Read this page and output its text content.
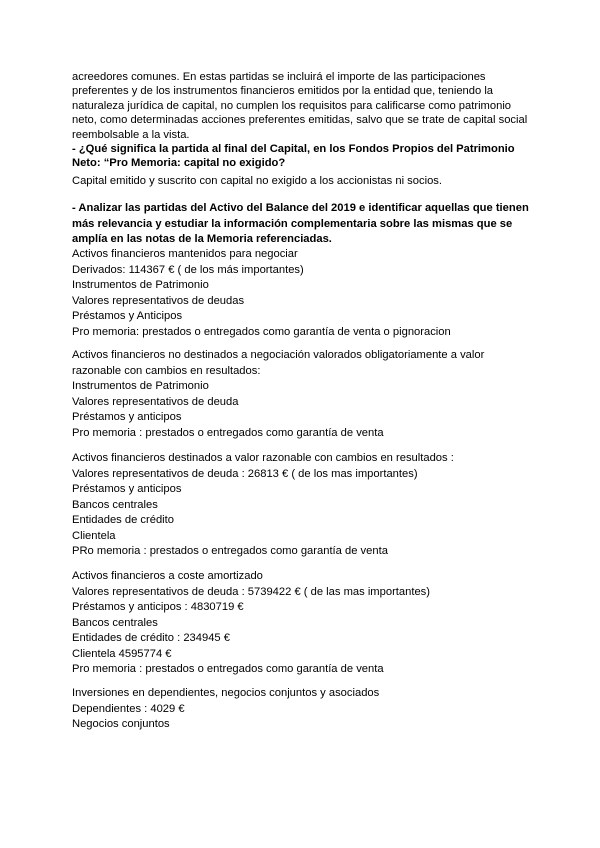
acreedores comunes. En estas partidas se incluirá el importe de las participaciones
preferentes y de los instrumentos financieros emitidos por la entidad que, teniendo la
naturaleza jurídica de capital, no cumplen los requisitos para calificarse como patrimonio
neto, como determinadas acciones preferentes emitidas, salvo que se trate de capital social
reembolsable a la vista.
- ¿Qué significa la partida al final del Capital, en los Fondos Propios del Patrimonio
Neto: “Pro Memoria: capital no exigido?
Capital emitido y suscrito con capital no exigido a los accionistas ni socios.
- Analizar las partidas del Activo del Balance del 2019 e identificar aquellas que tienen
más relevancia y estudiar la información complementaria sobre las mismas que se
amplía en las notas de la Memoria referenciadas.
Activos financieros mantenidos para negociar
Derivados: 114367 € ( de los más importantes)
Instrumentos de Patrimonio
Valores representativos de deudas
Préstamos y Anticipos
Pro memoria: prestados o entregados como garantía de venta o pignoracion
Activos financieros no destinados a negociación valorados obligatoriamente a valor
razonable con cambios en resultados:
Instrumentos de Patrimonio
Valores representativos de deuda
Préstamos y anticipos
Pro memoria : prestados o entregados como garantía de venta
Activos financieros destinados a valor razonable con cambios en resultados :
Valores representativos de deuda : 26813 € ( de los mas importantes)
Préstamos y anticipos
Bancos centrales
Entidades de crédito
Clientela
PRo memoria : prestados o entregados como garantía de venta
Activos financieros a coste amortizado
Valores representativos de deuda : 5739422 € ( de las mas importantes)
Préstamos y anticipos : 4830719 €
Bancos centrales
Entidades de crédito : 234945 €
Clientela 4595774 €
Pro memoria : prestados o entregados como garantía de venta
Inversiones en dependientes, negocios conjuntos y asociados
Dependientes : 4029 €
Negocios conjuntos
